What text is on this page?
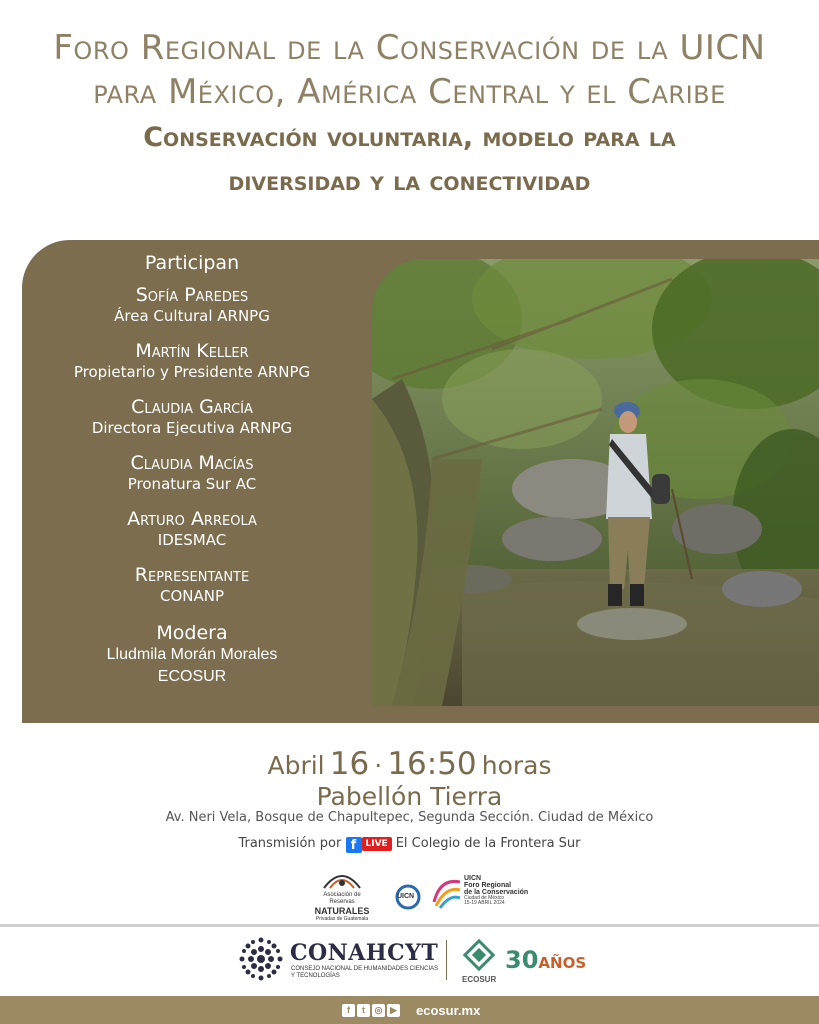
Foro Regional de la Conservación de la UICN
para México, América Central y el Caribe
Conservación voluntaria, modelo para la
diversidad y la conectividad
Participan
Sofía Paredes
Área Cultural ARNPG
Martín Keller
Propietario y Presidente ARNPG
Claudia García
Directora Ejecutiva ARNPG
Claudia Macías
Pronatura Sur AC
Arturo Arreola
IDESMAC
Representante
CONANP
Modera
Lludmila Morán Morales
ECOSUR
Abril 16 · 16:50 horas
Pabellón Tierra
Av. Neri Vela, Bosque de Chapultepec, Segunda Sección. Ciudad de México
Transmisión por f LIVE El Colegio de la Frontera Sur
Asociación de Reservas
NATURALES
Privadas de Guatemala
UICN
UICN
Foro Regional
de la Conservación
Ciudad de México
15-19 ABRIL 2024
CONAHCYT
CONSEJO NACIONAL DE HUMANIDADES CIENCIAS Y TECNOLOGÍAS	ECOSUR
30AÑOS
f t ◎ ▶	ecosur.mx
